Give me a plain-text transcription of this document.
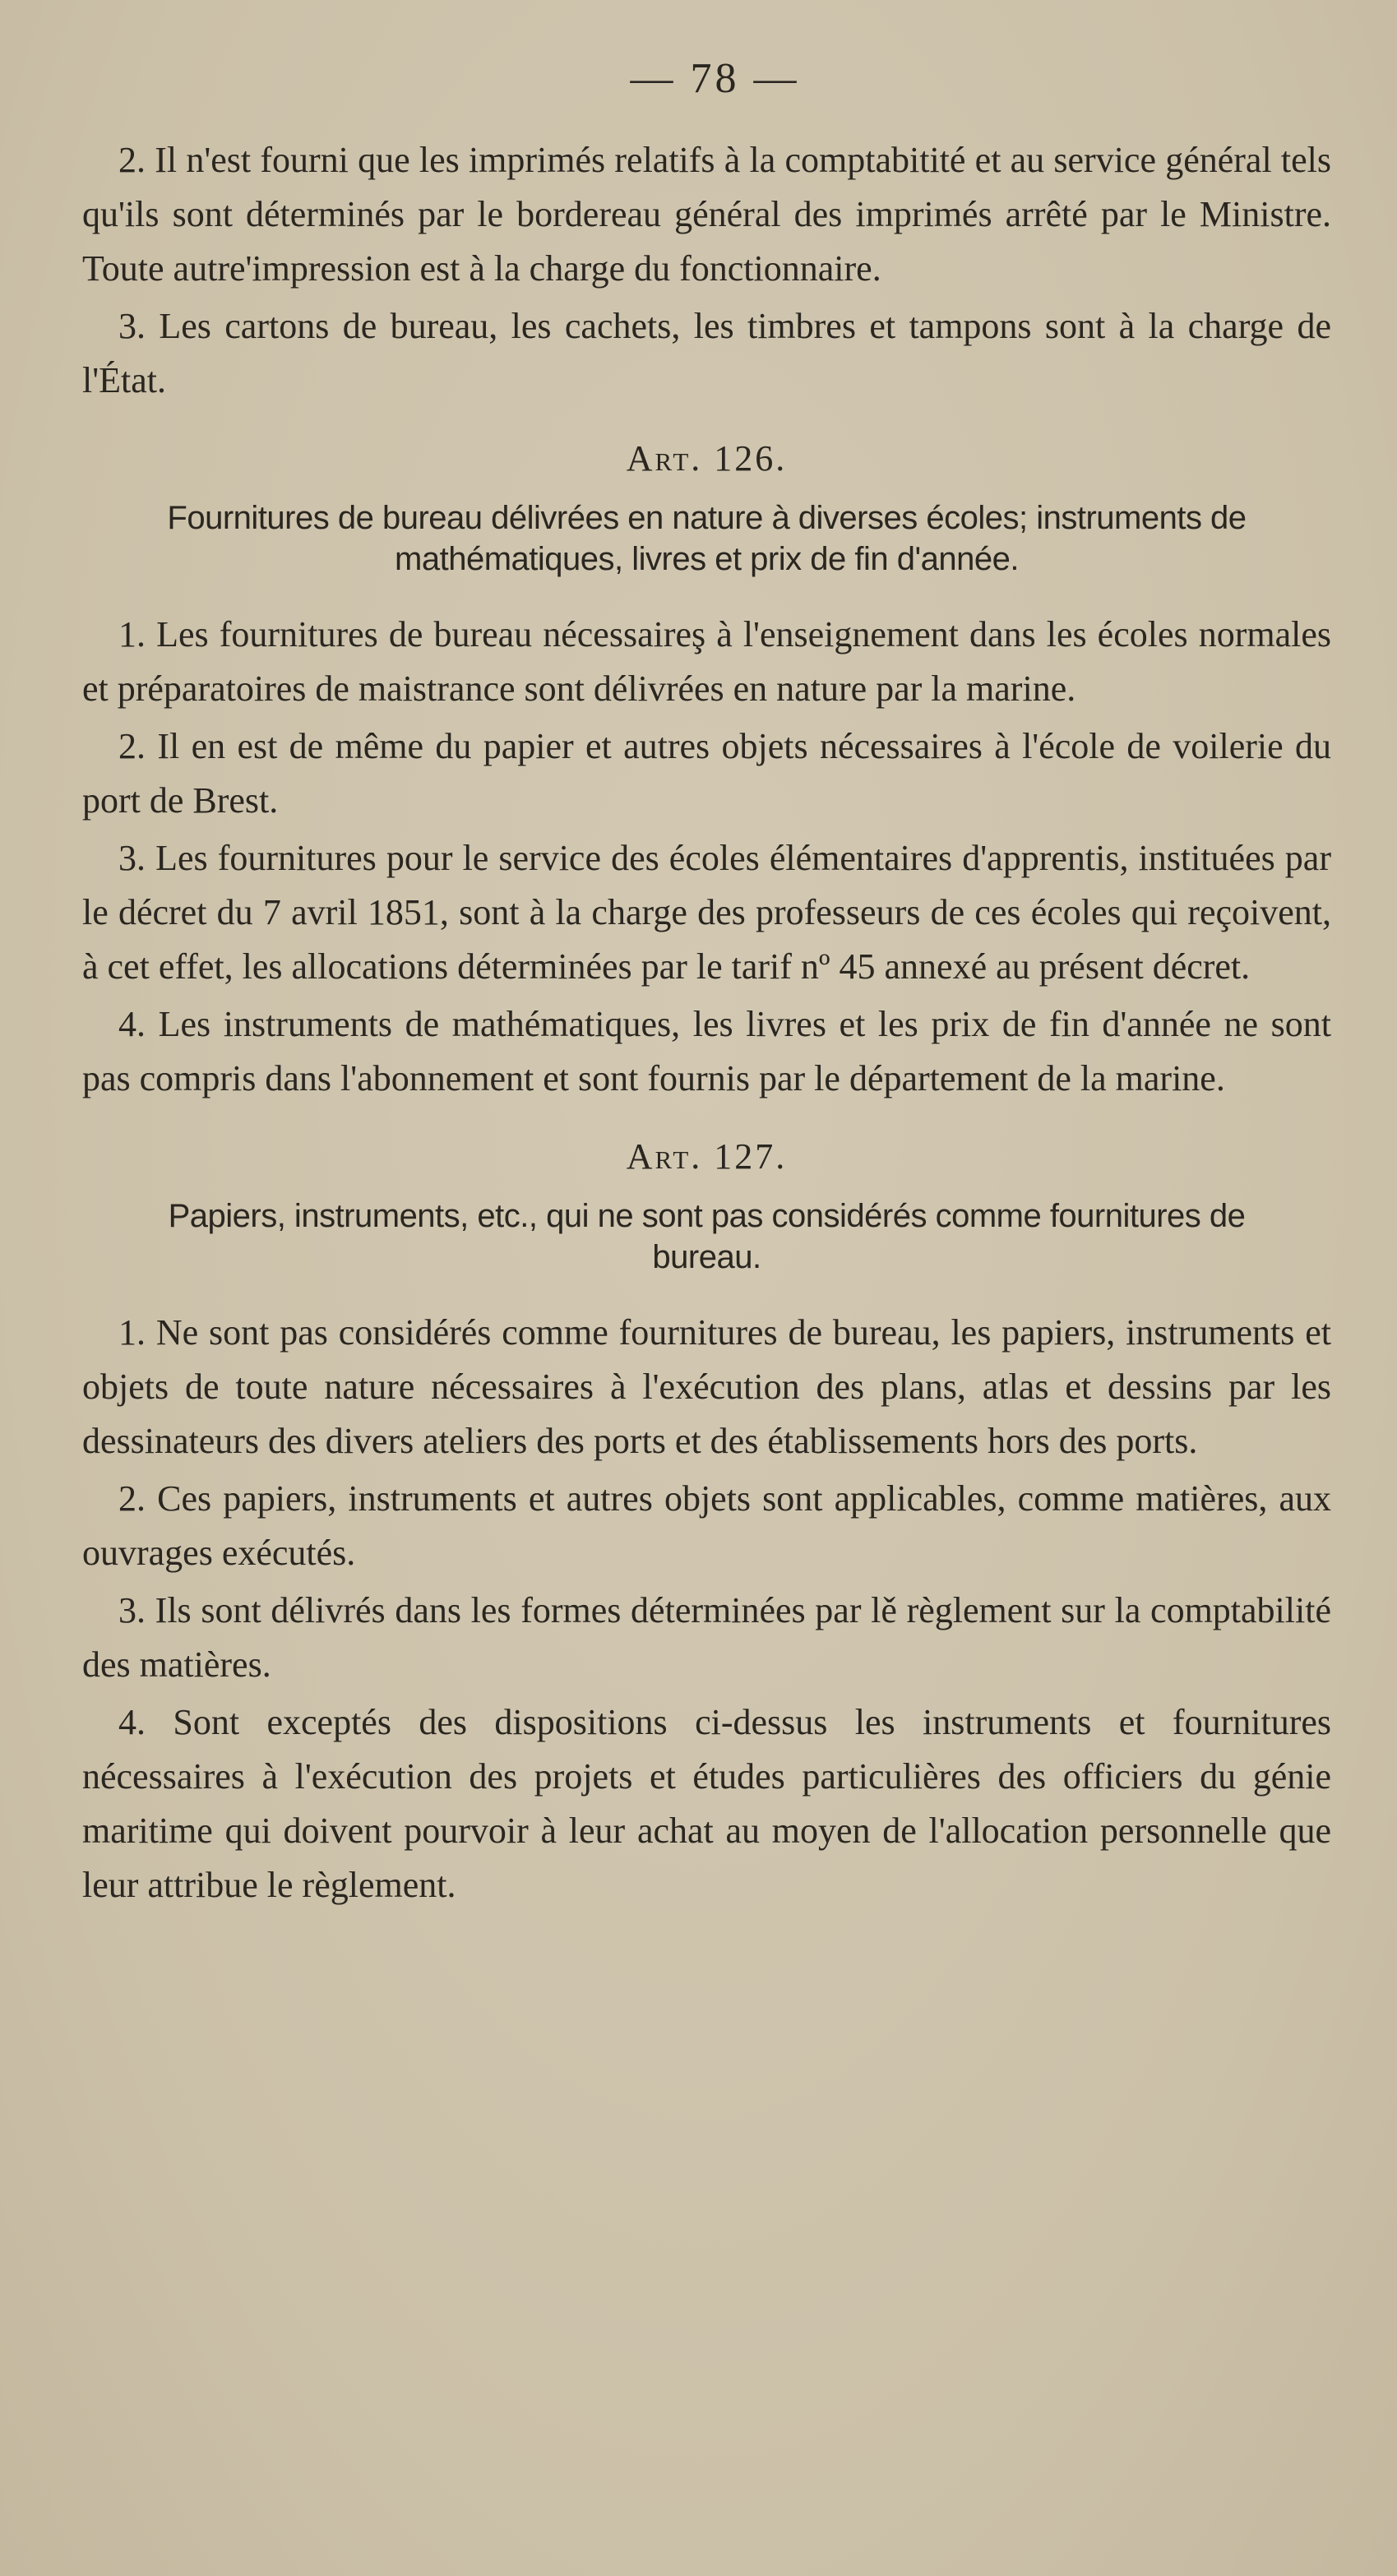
— 78 —

2. Il n'est fourni que les imprimés relatifs à la comptabitité et au service général tels qu'ils sont déterminés par le bordereau général des imprimés arrêté par le Ministre. Toute autre'impression est à la charge du fonctionnaire.

3. Les cartons de bureau, les cachets, les timbres et tampons sont à la charge de l'État.

Art. 126.
Fournitures de bureau délivrées en nature à diverses écoles; instruments de mathématiques, livres et prix de fin d'année.

1. Les fournitures de bureau nécessaireş à l'enseignement dans les écoles normales et préparatoires de maistrance sont délivrées en nature par la marine.

2. Il en est de même du papier et autres objets nécessaires à l'école de voilerie du port de Brest.

3. Les fournitures pour le service des écoles élémentaires d'apprentis, instituées par le décret du 7 avril 1851, sont à la charge des professeurs de ces écoles qui reçoivent, à cet effet, les allocations déterminées par le tarif nº 45 annexé au présent décret.

4. Les instruments de mathématiques, les livres et les prix de fin d'année ne sont pas compris dans l'abonnement et sont fournis par le département de la marine.

Art. 127.
Papiers, instruments, etc., qui ne sont pas considérés comme fournitures de bureau.

1. Ne sont pas considérés comme fournitures de bureau, les papiers, instruments et objets de toute nature nécessaires à l'exécution des plans, atlas et dessins par les dessinateurs des divers ateliers des ports et des établissements hors des ports.

2. Ces papiers, instruments et autres objets sont applicables, comme matières, aux ouvrages exécutés.

3. Ils sont délivrés dans les formes déterminées par lě règlement sur la comptabilité des matières.

4. Sont exceptés des dispositions ci-dessus les instruments et fournitures nécessaires à l'exécution des projets et études particulières des officiers du génie maritime qui doivent pourvoir à leur achat au moyen de l'allocation personnelle que leur attribue le règlement.
